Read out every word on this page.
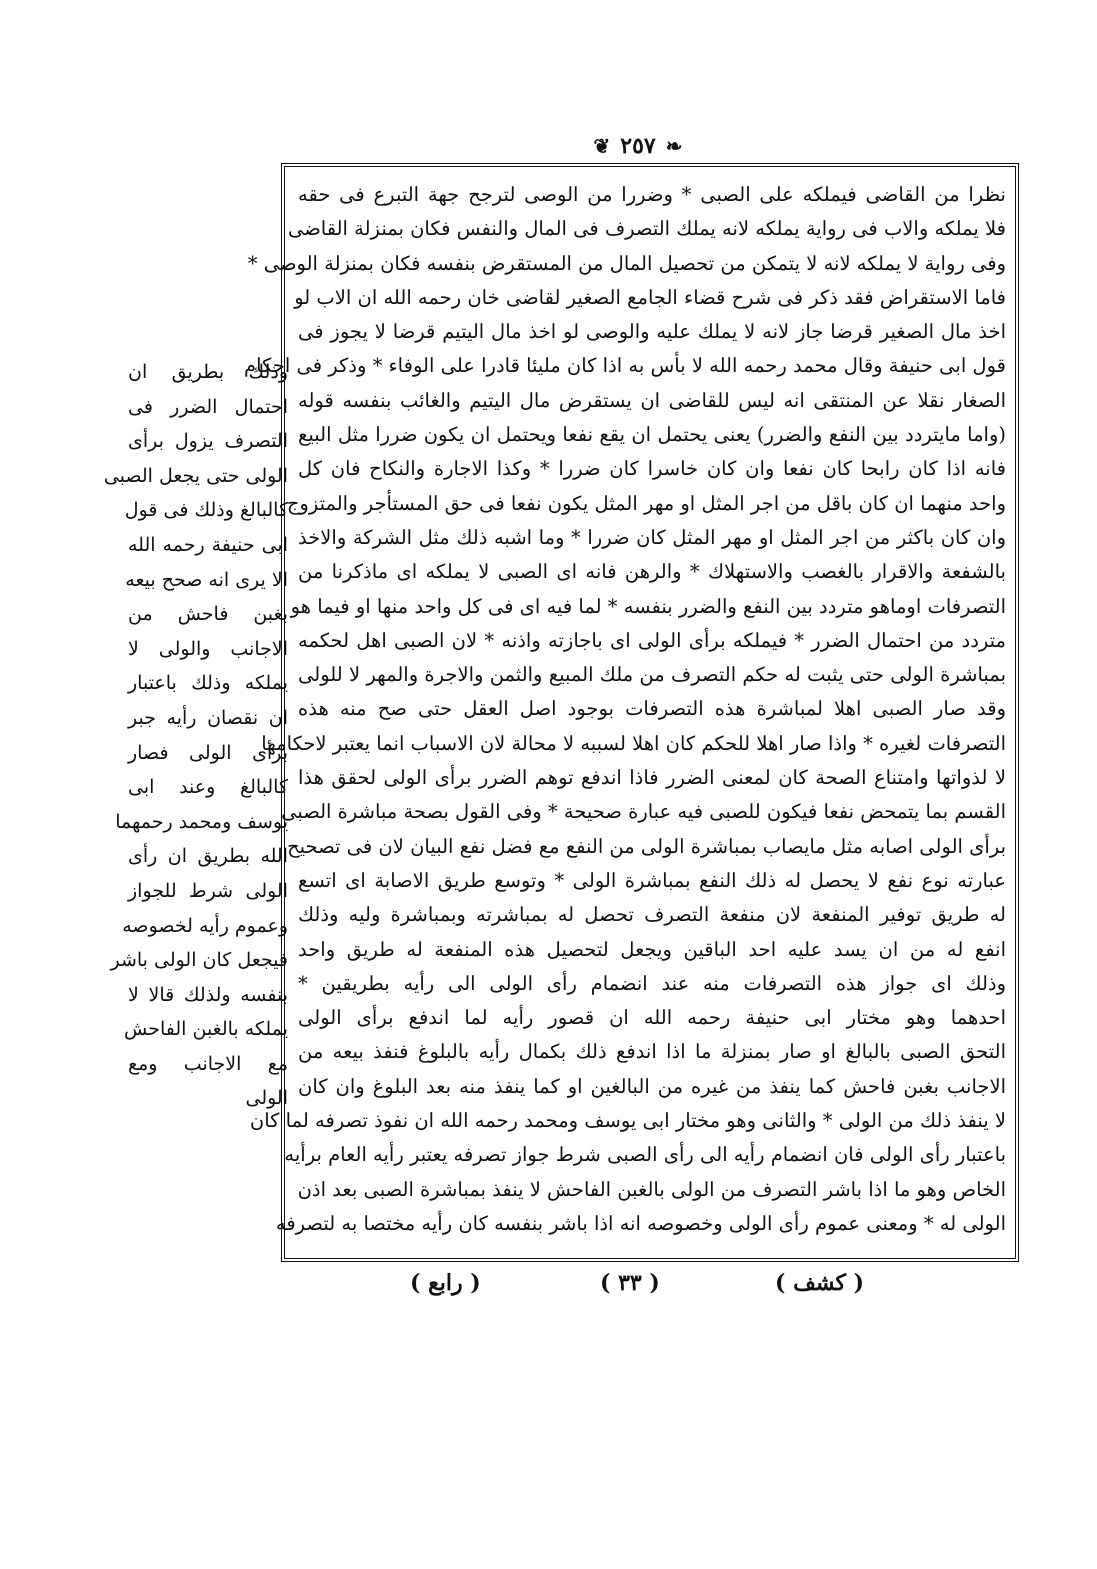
❦ ٢٥٧ ❧
نظرا من القاضى فيملكه على الصبى * وضررا من الوصى لترجح جهة التبرع فى حقه
فلا يملكه والاب فى رواية يملكه لانه يملك التصرف فى المال والنفس فكان بمنزلة القاضى
وفى رواية لا يملكه لانه لا يتمكن من تحصيل المال من المستقرض بنفسه فكان بمنزلة الوصى *
فاما الاستقراض فقد ذكر فى شرح قضاء الجامع الصغير لقاضى خان رحمه الله ان الاب لو
اخذ مال الصغير قرضا جاز لانه لا يملك عليه والوصى لو اخذ مال اليتيم قرضا لا يجوز فى
قول ابى حنيفة وقال محمد رحمه الله لا بأس به اذا كان مليئا قادرا على الوفاء * وذكر فى احكام
الصغار نقلا عن المنتقى انه ليس للقاضى ان يستقرض مال اليتيم والغائب بنفسه قوله
(واما مايتردد بين النفع والضرر) يعنى يحتمل ان يقع نفعا ويحتمل ان يكون ضررا مثل البيع
فانه اذا كان رابحا كان نفعا وان كان خاسرا كان ضررا * وكذا الاجارة والنكاح فان كل
واحد منهما ان كان باقل من اجر المثل او مهر المثل يكون نفعا فى حق المستأجر والمتزوج
وان كان باكثر من اجر المثل او مهر المثل كان ضررا * وما اشبه ذلك مثل الشركة والاخذ
بالشفعة والاقرار بالغصب والاستهلاك * والرهن فانه اى الصبى لا يملكه اى ماذكرنا من
التصرفات اوماهو متردد بين النفع والضرر بنفسه * لما فيه اى فى كل واحد منها او فيما هو
متردد من احتمال الضرر * فيملكه برأى الولى اى باجازته واذنه * لان الصبى اهل لحكمه
بمباشرة الولى حتى يثبت له حكم التصرف من ملك المبيع والثمن والاجرة والمهر لا للولى
وقد صار الصبى اهلا لمباشرة هذه التصرفات بوجود اصل العقل حتى صح منه هذه
التصرفات لغيره * واذا صار اهلا للحكم كان اهلا لسببه لا محالة لان الاسباب انما يعتبر لاحكامها
لا لذواتها وامتناع الصحة كان لمعنى الضرر فاذا اندفع توهم الضرر برأى الولى لحقق هذا
القسم بما يتمحض نفعا فيكون للصبى فيه عبارة صحيحة * وفى القول بصحة مباشرة الصبى
برأى الولى اصابه مثل مايصاب بمباشرة الولى من النفع مع فضل نفع البيان لان فى تصحيح
عبارته نوع نفع لا يحصل له ذلك النفع بمباشرة الولى * وتوسع طريق الاصابة اى اتسع
له طريق توفير المنفعة لان منفعة التصرف تحصل له بمباشرته وبمباشرة وليه وذلك
انفع له من ان يسد عليه احد الباقين ويجعل لتحصيل هذه المنفعة له طريق واحد
وذلك اى جواز هذه التصرفات منه عند انضمام رأى الولى الى رأيه بطريقين *
احدهما وهو مختار ابى حنيفة رحمه الله ان قصور رأيه لما اندفع برأى الولى
التحق الصبى بالبالغ او صار بمنزلة ما اذا اندفع ذلك بكمال رأيه بالبلوغ فنفذ بيعه من
الاجانب بغبن فاحش كما ينفذ من غيره من البالغين او كما ينفذ منه بعد البلوغ وان كان
لا ينفذ ذلك من الولى * والثانى وهو مختار ابى يوسف ومحمد رحمه الله ان نفوذ تصرفه لما كان
باعتبار رأى الولى فان انضمام رأيه الى رأى الصبى شرط جواز تصرفه يعتبر رأيه العام برأيه
الخاص وهو ما اذا باشر التصرف من الولى بالغبن الفاحش لا ينفذ بمباشرة الصبى بعد اذن
الولى له * ومعنى عموم رأى الولى وخصوصه انه اذا باشر بنفسه كان رأيه مختصا به لتصرفه
وذلك بطريق ان
احتمال الضرر فى
التصرف يزول برأى
الولى حتى يجعل الصبى
كالبالغ وذلك فى قول
ابى حنيفة رحمه الله
الا يرى انه صحح بيعه
بغبن فاحش من
الاجانب والولى لا
يملكه وذلك باعتبار
ان نقصان رأيه جبر
برأى الولى فصار
كالبالغ وعند ابى
يوسف ومحمد رحمهما
الله بطريق ان رأى
الولى شرط للجواز
وعموم رأيه لخصوصه
فيجعل كان الولى باشر
بنفسه ولذلك قالا لا
يملكه بالغبن الفاحش
مع الاجانب ومع
الولى
( رابع )	( ٣٣ )	( كشف )
